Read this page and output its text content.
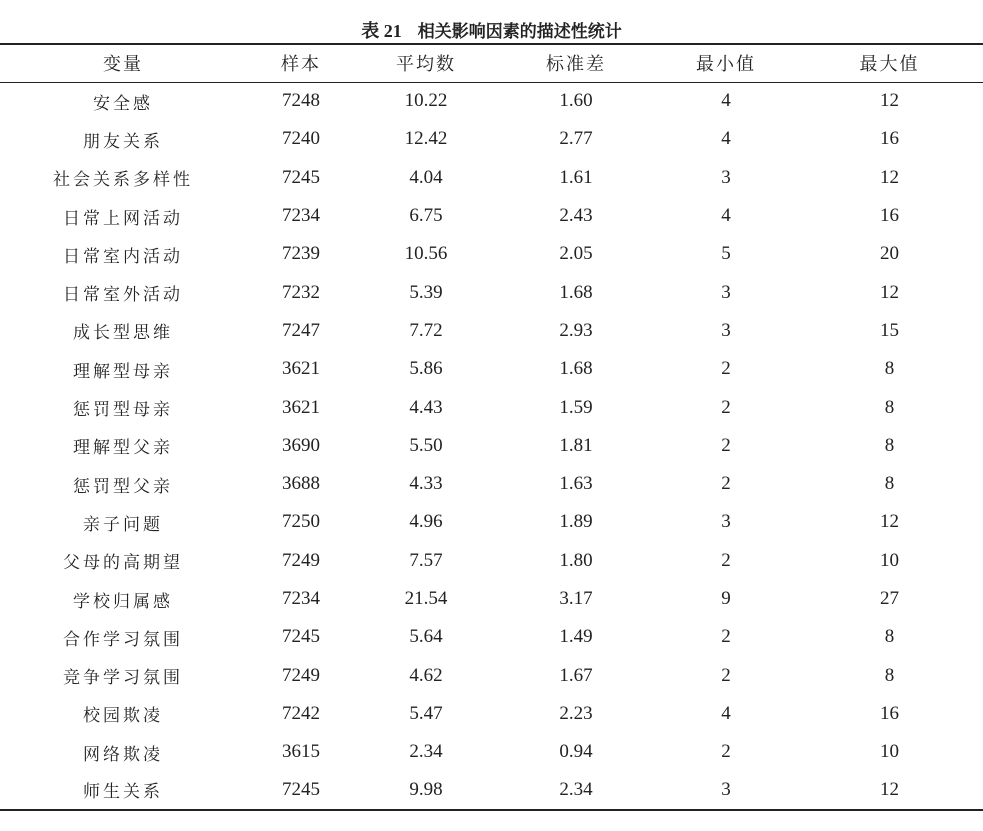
表 21 相关影响因素的描述性统计
变量	样本	平均数	标准差	最小值	最大值
安全感	7248	10.22	1.60	4	12
朋友关系	7240	12.42	2.77	4	16
社会关系多样性	7245	4.04	1.61	3	12
日常上网活动	7234	6.75	2.43	4	16
日常室内活动	7239	10.56	2.05	5	20
日常室外活动	7232	5.39	1.68	3	12
成长型思维	7247	7.72	2.93	3	15
理解型母亲	3621	5.86	1.68	2	8
惩罚型母亲	3621	4.43	1.59	2	8
理解型父亲	3690	5.50	1.81	2	8
惩罚型父亲	3688	4.33	1.63	2	8
亲子问题	7250	4.96	1.89	3	12
父母的高期望	7249	7.57	1.80	2	10
学校归属感	7234	21.54	3.17	9	27
合作学习氛围	7245	5.64	1.49	2	8
竞争学习氛围	7249	4.62	1.67	2	8
校园欺凌	7242	5.47	2.23	4	16
网络欺凌	3615	2.34	0.94	2	10
师生关系	7245	9.98	2.34	3	12
